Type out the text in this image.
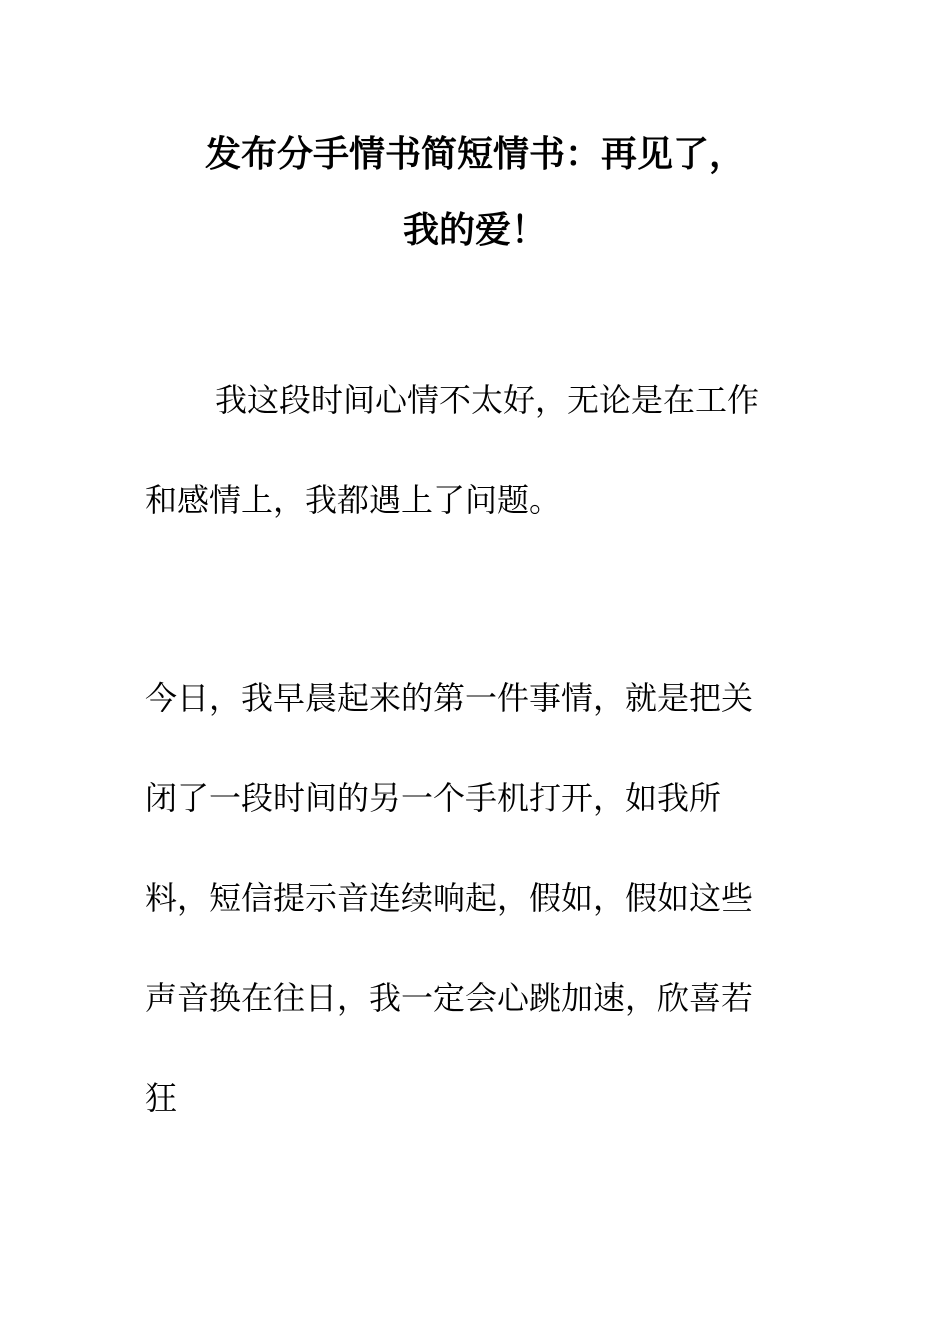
发布分手情书简短情书：再见了，
我的爱！

我这段时间心情不太好，无论是在工作和感情上，我都遇上了问题。

今日，我早晨起来的第一件事情，就是把关闭了一段时间的另一个手机打开，如我所料，短信提示音连续响起，假如，假如这些声音换在往日，我一定会心跳加速，欣喜若狂
